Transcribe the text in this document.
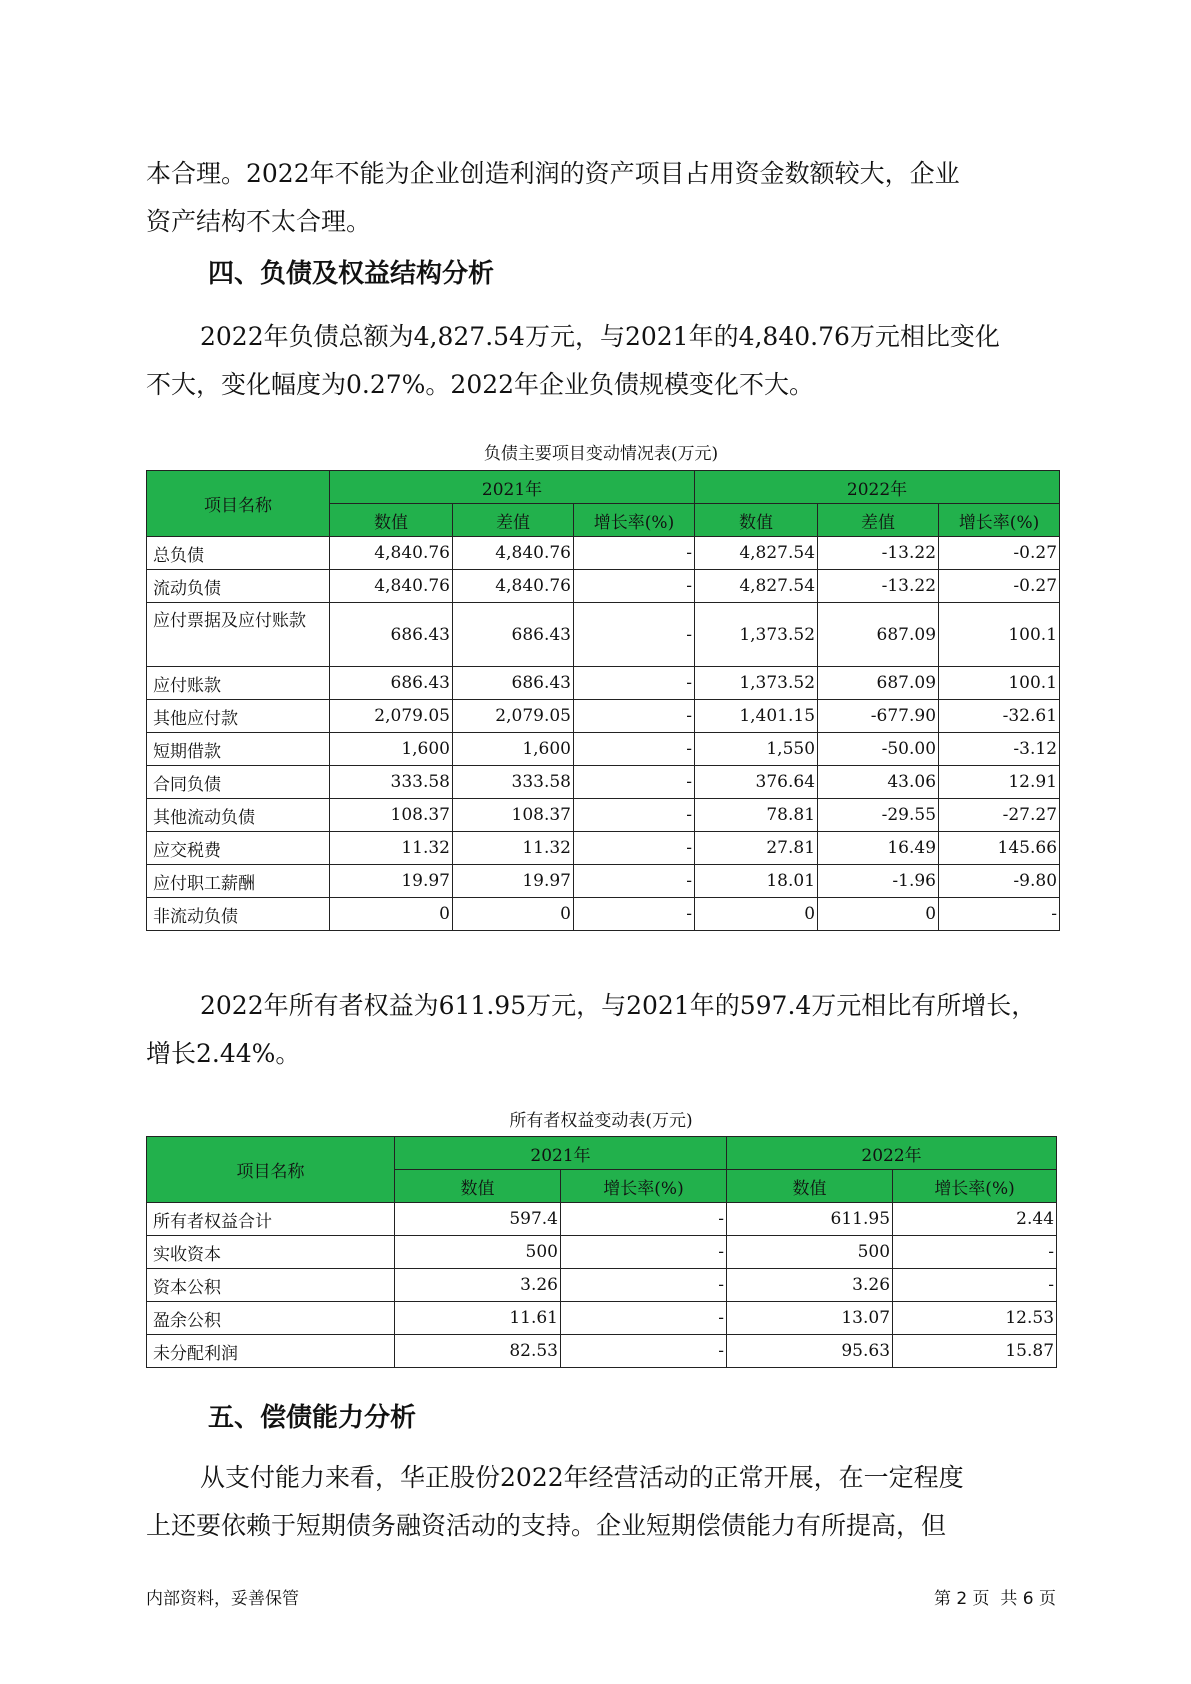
本合理。2022年不能为企业创造利润的资产项目占用资金数额较大，企业
资产结构不太合理。

四、负债及权益结构分析

2022年负债总额为4,827.54万元，与2021年的4,840.76万元相比变化
不大，变化幅度为0.27%。2022年企业负债规模变化不大。

负债主要项目变动情况表(万元)

项目名称	2021年			2022年		
	数值	差值	增长率(%)	数值	差值	增长率(%)
总负债	4,840.76	4,840.76	-	4,827.54	-13.22	-0.27
流动负债	4,840.76	4,840.76	-	4,827.54	-13.22	-0.27
应付票据及应付账款	686.43	686.43	-	1,373.52	687.09	100.1
应付账款	686.43	686.43	-	1,373.52	687.09	100.1
其他应付款	2,079.05	2,079.05	-	1,401.15	-677.90	-32.61
短期借款	1,600	1,600	-	1,550	-50.00	-3.12
合同负债	333.58	333.58	-	376.64	43.06	12.91
其他流动负债	108.37	108.37	-	78.81	-29.55	-27.27
应交税费	11.32	11.32	-	27.81	16.49	145.66
应付职工薪酬	19.97	19.97	-	18.01	-1.96	-9.80
非流动负债	0	0	-	0	0	-

2022年所有者权益为611.95万元，与2021年的597.4万元相比有所增长，
增长2.44%。

所有者权益变动表(万元)

项目名称	2021年		2022年	
	数值	增长率(%)	数值	增长率(%)
所有者权益合计	597.4	-	611.95	2.44
实收资本	500	-	500	-
资本公积	3.26	-	3.26	-
盈余公积	11.61	-	13.07	12.53
未分配利润	82.53	-	95.63	15.87
五、偿债能力分析

从支付能力来看，华正股份2022年经营活动的正常开展，在一定程度
上还要依赖于短期债务融资活动的支持。企业短期偿债能力有所提高，但

内部资料，妥善保管	第 2 页  共 6 页
